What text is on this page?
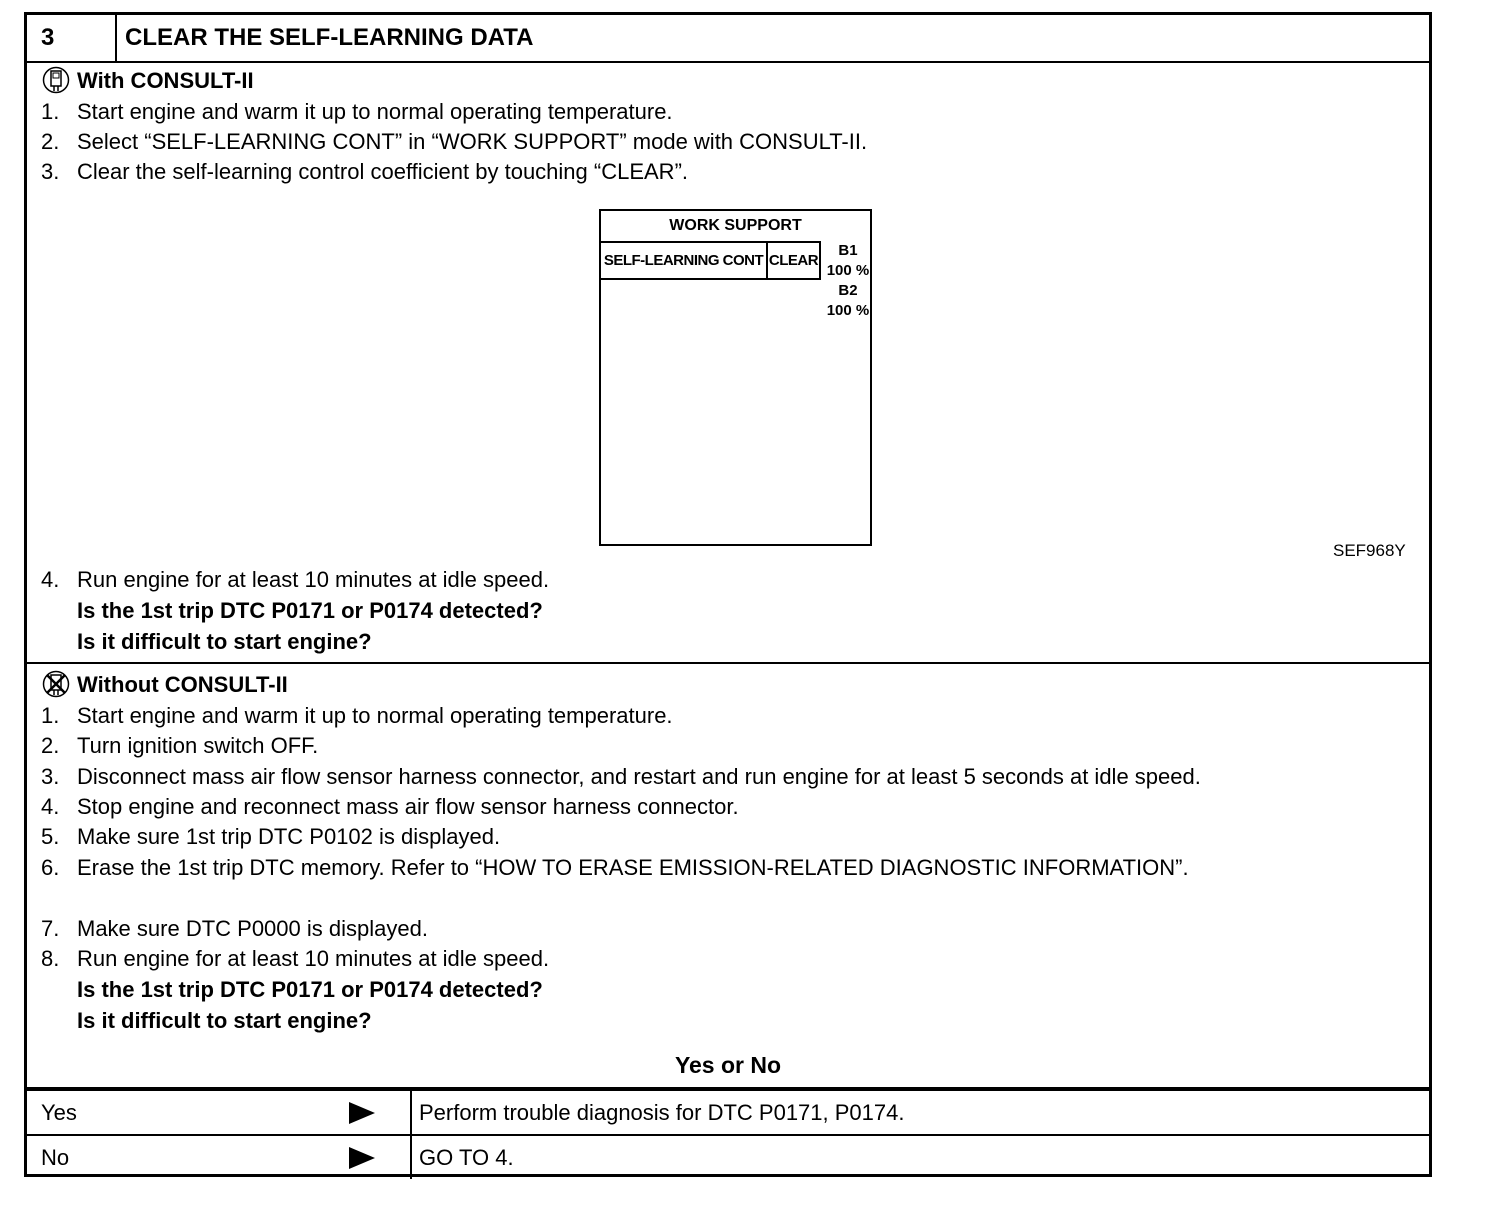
3	CLEAR THE SELF-LEARNING DATA
With CONSULT-II
1. Start engine and warm it up to normal operating temperature.
2. Select “SELF-LEARNING CONT” in “WORK SUPPORT” mode with CONSULT-II.
3. Clear the self-learning control coefficient by touching “CLEAR”.
WORK SUPPORT
SELF-LEARNING CONT CLEAR
B1
100 %
B2
100 %
SEF968Y
4. Run engine for at least 10 minutes at idle speed.
Is the 1st trip DTC P0171 or P0174 detected?
Is it difficult to start engine?
Without CONSULT-II
1. Start engine and warm it up to normal operating temperature.
2. Turn ignition switch OFF.
3. Disconnect mass air flow sensor harness connector, and restart and run engine for at least 5 seconds at idle speed.
4. Stop engine and reconnect mass air flow sensor harness connector.
5. Make sure 1st trip DTC P0102 is displayed.
6. Erase the 1st trip DTC memory. Refer to “HOW TO ERASE EMISSION-RELATED DIAGNOSTIC INFORMATION”.
7. Make sure DTC P0000 is displayed.
8. Run engine for at least 10 minutes at idle speed.
Is the 1st trip DTC P0171 or P0174 detected?
Is it difficult to start engine?
Yes or No
Yes	Perform trouble diagnosis for DTC P0171, P0174.
No	GO TO 4.
